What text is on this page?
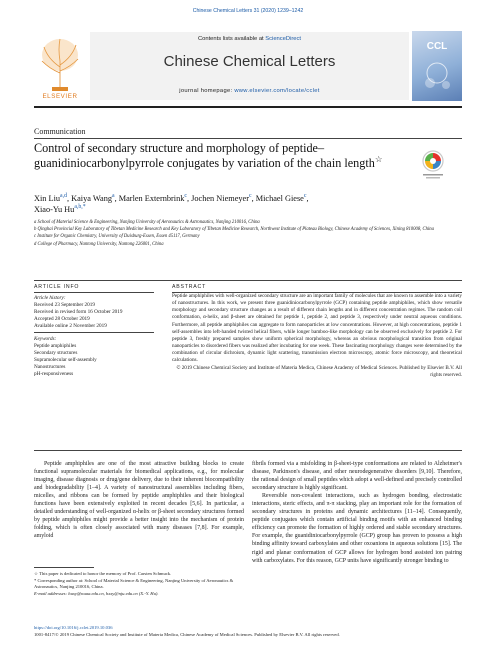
Chinese Chemical Letters 31 (2020) 1239–1242
ELSEVIER
Contents lists available at ScienceDirect
Chinese Chemical Letters
journal homepage: www.elsevier.com/locate/cclet
CCL
Communication
Control of secondary structure and morphology of peptide–guanidiniocarbonylpyrrole conjugates by variation of the chain length☆
Xin Liu$^{a,d}$, Kaiya Wang$^a$, Marlen Externbrink$^c$, Jochen Niemeyer$^c$, Michael Giese$^c$,
Xiao-Yu $Hu^{a,b,*}$
a School of Material Science & Engineering, Nanjing University of Aeronautics & Astronautics, Nanjing 210016, China
b Qinghai Provincial Key Laboratory of Tibetan Medicine Research and Key Laboratory of Tibetan Medicine Research, Northwest Institute of Plateau Biology, Chinese Academy of Sciences, Xining 810008, China
c Institute for Organic Chemistry, University of Duisburg-Essen, Essen 45117, Germany
d College of Pharmacy, Nantong University, Nantong 226001, China
ARTICLE INFO	ABSTRACT
Article history:
Received 23 September 2019
Received in revised form 16 October 2019
Accepted 28 October 2019
Available online 2 November 2019
Keywords:
Peptide amphiphiles
Secondary structures
Supramolecular self-assembly
Nanostructures
pH-responsiveness
Peptide amphiphiles with well-organized secondary structure are an important family of molecules that are known to assemble into a variety of nanostructures. In this work, we present three guanidiniocarbonylpyrrole (GCP) containing peptide amphiphiles, which show versatile morphology and secondary structure changes as a result of different chain lengths and in different concentration regimes. The random coil conformation, α-helix, and β-sheet are obtained for peptide 1, peptide 2, and peptide 3, respectively under neutral aqueous conditions. Furthermore, all peptide amphiphiles can aggregate to form nanoparticles at low concentrations. However, at high concentrations, peptide 1 self-assembles into left-handed twisted helical fibers, while longer bamboo-like morphology can be observed exclusively for peptide 2. For peptide 3, freshly prepared samples show uniform spherical morphology, whereas an obvious morphological transition from original nanoparticles to disordered fibers was realized after incubating for one week. These fascinating morphology changes were determined by the combination of circular dichroism, dynamic light scattering, transmission electron microscopy, atomic force microscopy, and theoretical calculations.
© 2019 Chinese Chemical Society and Institute of Materia Medica, Chinese Academy of Medical Sciences. Published by Elsevier B.V. All rights reserved.
Peptide amphiphiles are one of the most attractive building blocks to create functional supramolecular materials for biomedical applications, e.g., for molecular imaging, disease diagnosis or drug/gene delivery, due to their inherent biocompatibility and biodegradability [1–4]. A variety of nanostructural assemblies including fibers, micelles, and ribbons can be formed by peptide amphiphiles and their biological functions have been extensively exploited in recent decades [5,6]. In particular, a detailed understanding of well-organized α-helix or β-sheet secondary structures formed by peptide amphiphiles might provide a better insight into the mechanism of protein folding, which is often closely associated with many diseases [7,8]. For example, amyloid
fibrils formed via a misfolding in β-sheet-type conformations are related to Alzheimer's disease, Parkinson's disease, and other neurodegenerative disorders [9,10]. Therefore, the rational design of small peptides which adopt a well-defined and precisely controlled secondary structure is highly significant.
Reversible non-covalent interactions, such as hydrogen bonding, electrostatic interactions, steric effects, and π-π stacking, play an important role for the formation of secondary structures in proteins and dynamic architectures [11–14]. Consequently, peptide conjugates which contain artificial binding motifs with an enhanced binding efficiency can promote the formation of highly ordered and stable secondary structures. For example, the guanidiniocarbonylpyrrole (GCP) group has proven to possess a high binding affinity toward carboxylates and other oxoanions in aqueous solutions [15]. The rigid and planar conformation of GCP allows for hydrogen bond assisted ion pairing with carboxylates. For this reason, GCP units have significantly stronger binding to
☆ This paper is dedicated to honor the memory of Prof. Carsten Schmuck.
* Corresponding author at: School of Material Science & Engineering, Nanjing University of Aeronautics & Astronautics, Nanjing 210016, China.
E-mail addresses: huxy@nuaa.edu.cn, hxxy@nju.edu.cn (X.-Y. Hu).
https://doi.org/10.1016/j.cclet.2019.10.036
1001-8417/© 2019 Chinese Chemical Society and Institute of Materia Medica, Chinese Academy of Medical Sciences. Published by Elsevier B.V. All rights reserved.
